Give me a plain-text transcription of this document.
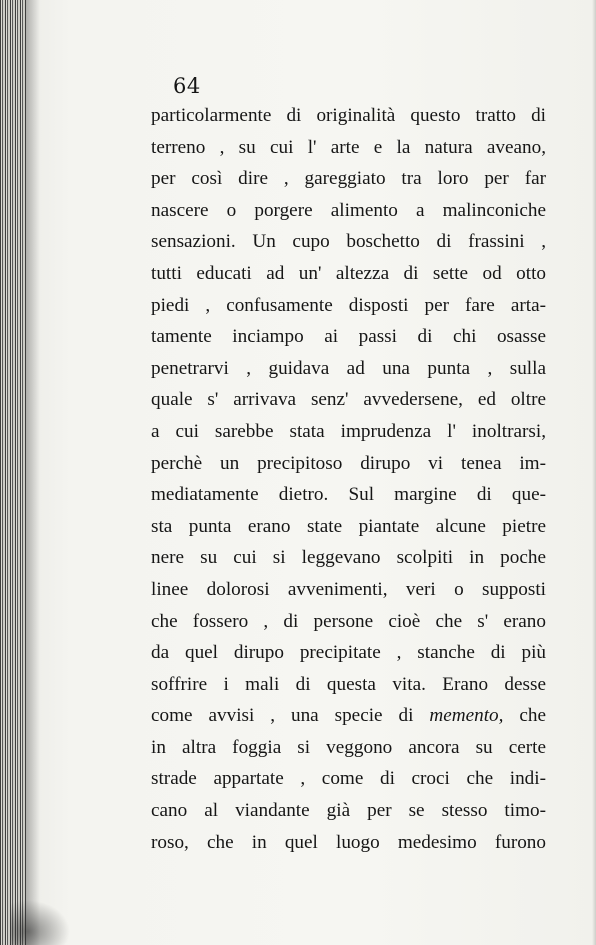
64
particolarmente di originalità questo tratto di
terreno , su cui l' arte e la natura aveano,
per così dire , gareggiato tra loro per far
nascere o porgere alimento a malinconiche
sensazioni. Un cupo boschetto di frassini ,
tutti educati ad un' altezza di sette od otto
piedi , confusamente disposti per fare arta-
tamente inciampo ai passi di chi osasse
penetrarvi , guidava ad una punta , sulla
quale s' arrivava senz' avvedersene, ed oltre
a cui sarebbe stata imprudenza l' inoltrarsi,
perchè un precipitoso dirupo vi tenea im-
mediatamente dietro. Sul margine di que-
sta punta erano state piantate alcune pietre
nere su cui si leggevano scolpiti in poche
linee dolorosi avvenimenti, veri o supposti
che fossero , di persone cioè che s' erano
da quel dirupo precipitate , stanche di più
soffrire i mali di questa vita. Erano desse
come avvisi , una specie di memento, che
in altra foggia si veggono ancora su certe
strade appartate , come di croci che indi-
cano al viandante già per se stesso timo-
roso, che in quel luogo medesimo furono
